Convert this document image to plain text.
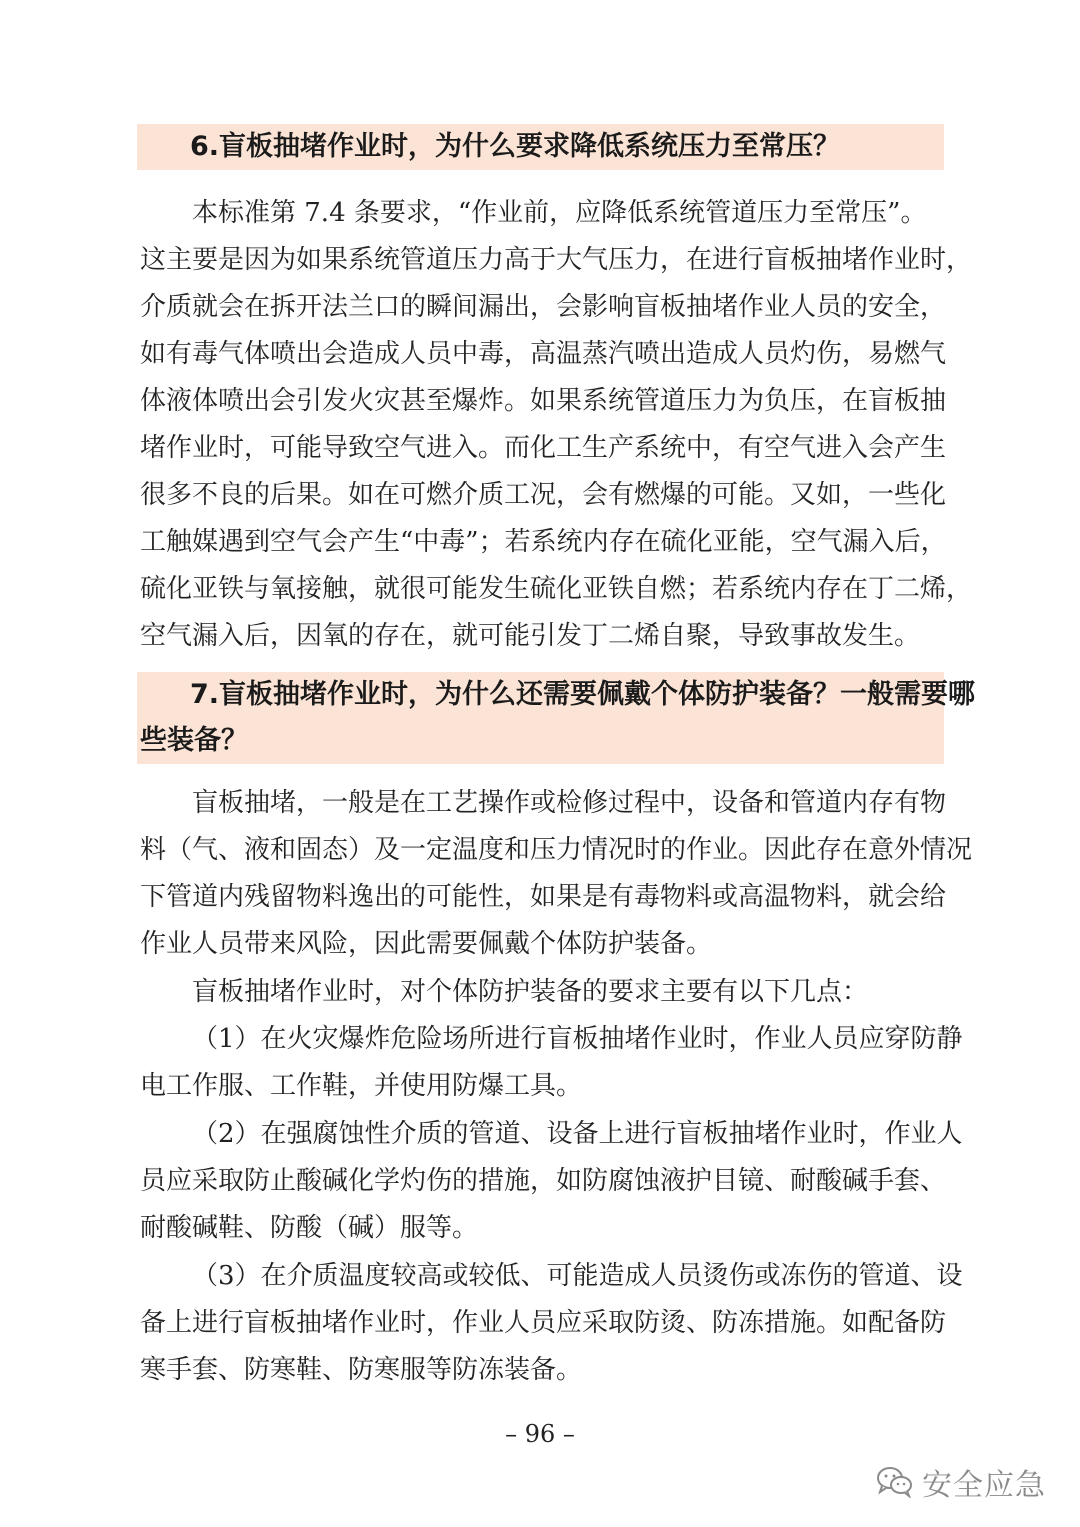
6.盲板抽堵作业时，为什么要求降低系统压力至常压？
本标准第 7.4 条要求，“作业前，应降低系统管道压力至常压”。
这主要是因为如果系统管道压力高于大气压力，在进行盲板抽堵作业时，
介质就会在拆开法兰口的瞬间漏出，会影响盲板抽堵作业人员的安全，
如有毒气体喷出会造成人员中毒，高温蒸汽喷出造成人员灼伤，易燃气
体液体喷出会引发火灾甚至爆炸。如果系统管道压力为负压，在盲板抽
堵作业时，可能导致空气进入。而化工生产系统中，有空气进入会产生
很多不良的后果。如在可燃介质工况，会有燃爆的可能。又如，一些化
工触媒遇到空气会产生“中毒”；若系统内存在硫化亚能，空气漏入后，
硫化亚铁与氧接触，就很可能发生硫化亚铁自燃；若系统内存在丁二烯，
空气漏入后，因氧的存在，就可能引发丁二烯自聚，导致事故发生。
7.盲板抽堵作业时，为什么还需要佩戴个体防护装备？一般需要哪
些装备？
盲板抽堵，一般是在工艺操作或检修过程中，设备和管道内存有物
料（气、液和固态）及一定温度和压力情况时的作业。因此存在意外情况
下管道内残留物料逸出的可能性，如果是有毒物料或高温物料，就会给
作业人员带来风险，因此需要佩戴个体防护装备。
盲板抽堵作业时，对个体防护装备的要求主要有以下几点：
（1）在火灾爆炸危险场所进行盲板抽堵作业时，作业人员应穿防静
电工作服、工作鞋，并使用防爆工具。
（2）在强腐蚀性介质的管道、设备上进行盲板抽堵作业时，作业人
员应采取防止酸碱化学灼伤的措施，如防腐蚀液护目镜、耐酸碱手套、
耐酸碱鞋、防酸（碱）服等。
（3）在介质温度较高或较低、可能造成人员烫伤或冻伤的管道、设
备上进行盲板抽堵作业时，作业人员应采取防烫、防冻措施。如配备防
寒手套、防寒鞋、防寒服等防冻装备。
– 96 –
安全应急
